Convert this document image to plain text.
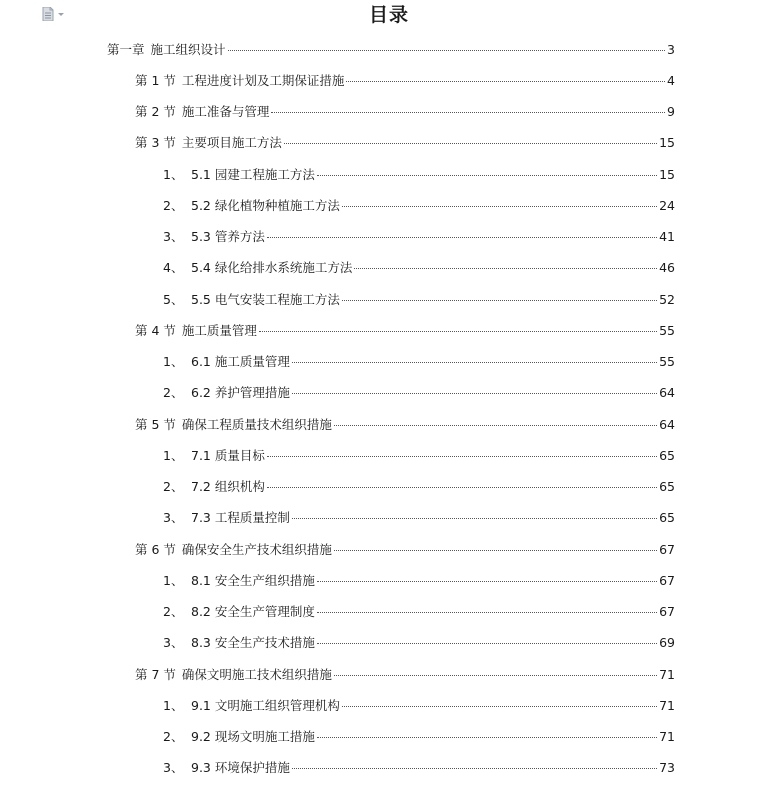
目录
第一章 施工组织设计	3
第 1 节 工程进度计划及工期保证措施	4
第 2 节 施工准备与管理	9
第 3 节 主要项目施工方法	15
1、 5.1 园建工程施工方法	15
2、 5.2 绿化植物种植施工方法	24
3、 5.3 管养方法	41
4、 5.4 绿化给排水系统施工方法	46
5、 5.5 电气安装工程施工方法	52
第 4 节 施工质量管理	55
1、 6.1 施工质量管理	55
2、 6.2 养护管理措施	64
第 5 节 确保工程质量技术组织措施	64
1、 7.1 质量目标	65
2、 7.2 组织机构	65
3、 7.3 工程质量控制	65
第 6 节 确保安全生产技术组织措施	67
1、 8.1 安全生产组织措施	67
2、 8.2 安全生产管理制度	67
3、 8.3 安全生产技术措施	69
第 7 节 确保文明施工技术组织措施	71
1、 9.1 文明施工组织管理机构	71
2、 9.2 现场文明施工措施	71
3、 9.3 环境保护措施	73
